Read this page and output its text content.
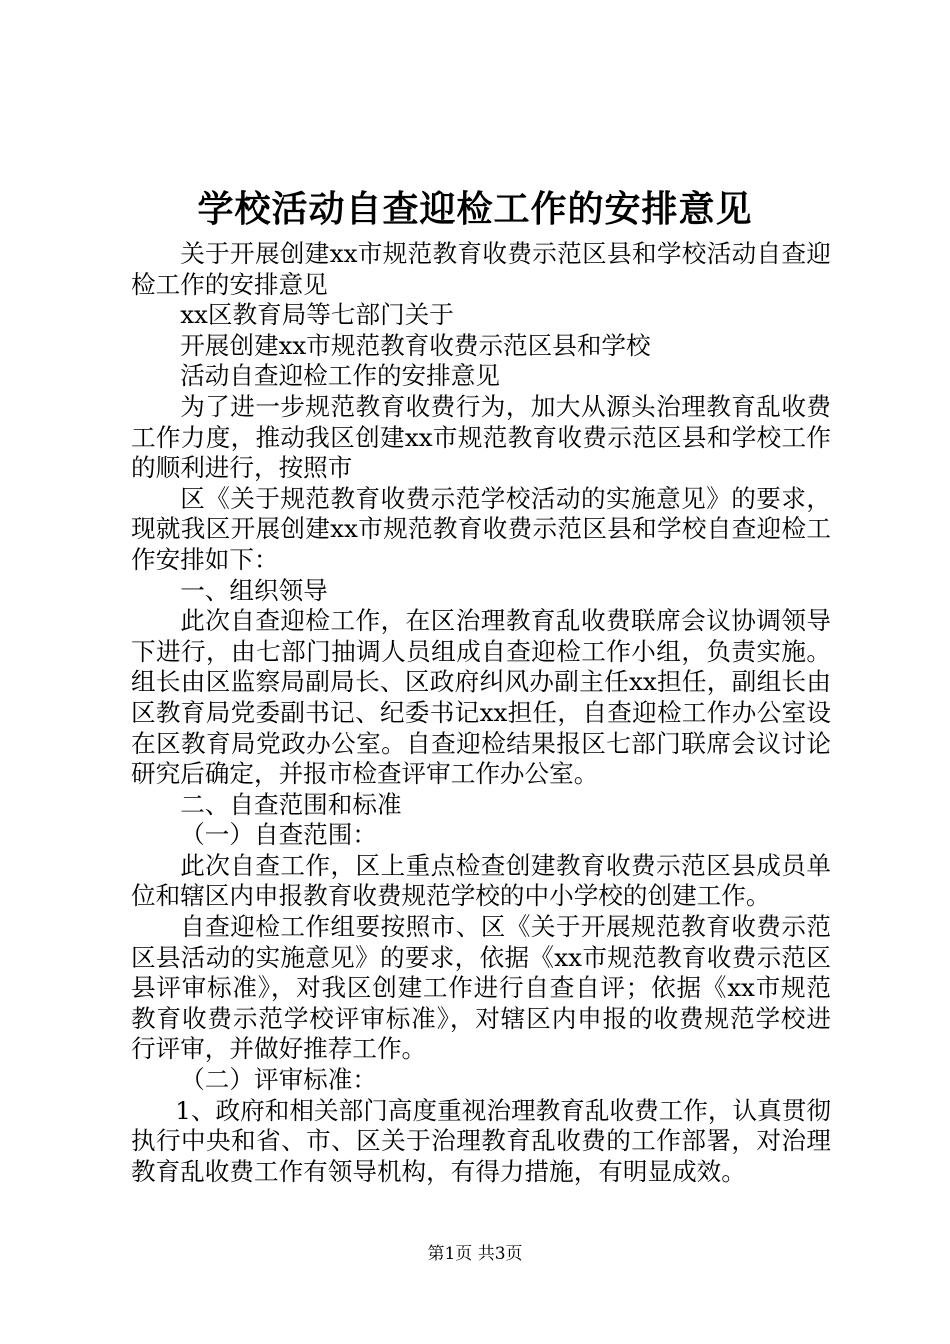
学校活动自查迎检工作的安排意见

关于开展创建xx市规范教育收费示范区县和学校活动自查迎检工作的安排意见

xx区教育局等七部门关于

开展创建xx市规范教育收费示范区县和学校

活动自查迎检工作的安排意见

为了进一步规范教育收费行为，加大从源头治理教育乱收费工作力度，推动我区创建xx市规范教育收费示范区县和学校工作的顺利进行，按照市

区《关于规范教育收费示范学校活动的实施意见》的要求，现就我区开展创建xx市规范教育收费示范区县和学校自查迎检工作安排如下：

一、组织领导

此次自查迎检工作，在区治理教育乱收费联席会议协调领导下进行，由七部门抽调人员组成自查迎检工作小组，负责实施。组长由区监察局副局长、区政府纠风办副主任xx担任，副组长由区教育局党委副书记、纪委书记xx担任，自查迎检工作办公室设在区教育局党政办公室。自查迎检结果报区七部门联席会议讨论研究后确定，并报市检查评审工作办公室。

二、自查范围和标准

（一）自查范围：

此次自查工作，区上重点检查创建教育收费示范区县成员单位和辖区内申报教育收费规范学校的中小学校的创建工作。

自查迎检工作组要按照市、区《关于开展规范教育收费示范区县活动的实施意见》的要求，依据《xx市规范教育收费示范区县评审标准》，对我区创建工作进行自查自评；依据《xx市规范教育收费示范学校评审标准》，对辖区内申报的收费规范学校进行评审，并做好推荐工作。

（二）评审标准：

1、政府和相关部门高度重视治理教育乱收费工作，认真贯彻执行中央和省、市、区关于治理教育乱收费的工作部署，对治理教育乱收费工作有领导机构，有得力措施，有明显成效。

第1页 共3页
